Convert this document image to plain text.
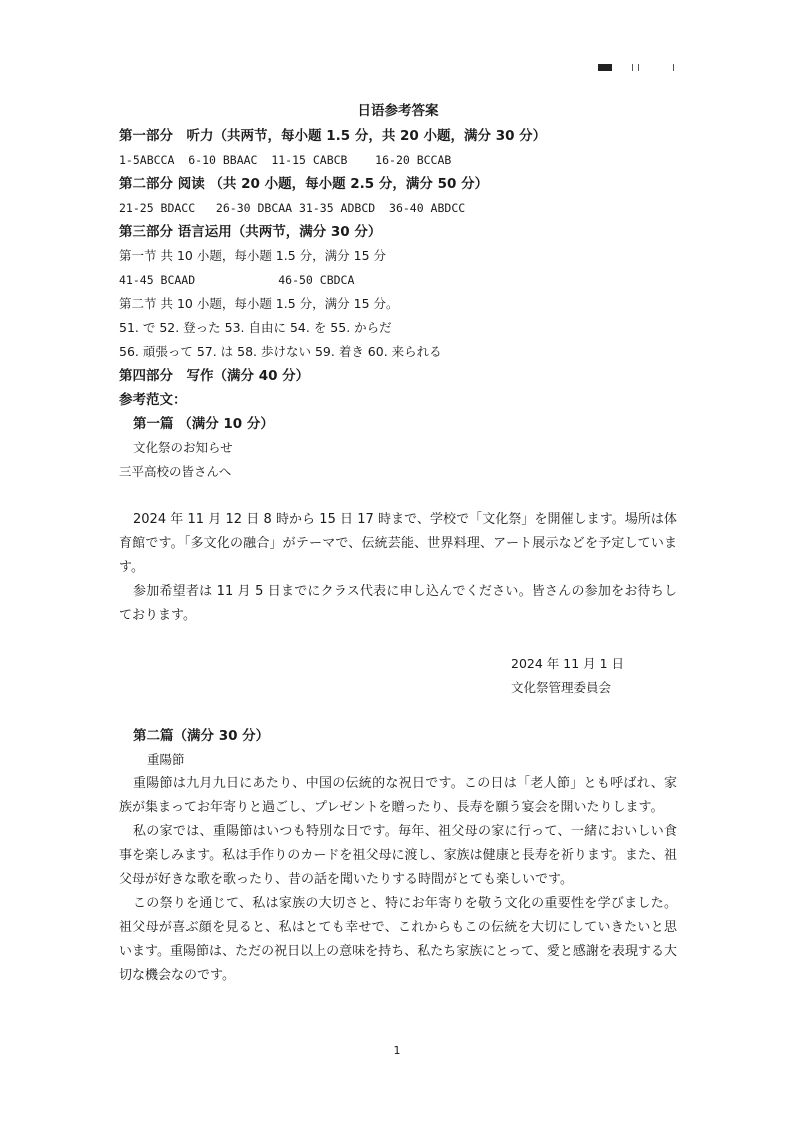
日语参考答案
第一部分　听力（共两节，每小题 1.5 分，共 20 小题，满分 30 分）
1-5ABCCA  6-10 BBAAC  11-15 CABCB    16-20 BCCAB
第二部分 阅读 （共 20 小题，每小题 2.5 分，满分 50 分）
21-25 BDACC   26-30 DBCAA 31-35 ADBCD  36-40 ABDCC
第三部分 语言运用（共两节，满分 30 分）
第一节 共 10 小题，每小题 1.5 分，满分 15 分
41-45 BCAAD            46-50 CBDCA
第二节 共 10 小题，每小题 1.5 分，满分 15 分。
51. で 52. 登った 53. 自由に 54. を 55. からだ
56. 頑張って 57. は 58. 歩けない 59. 着き 60. 来られる
第四部分　写作（满分 40 分）
参考范文：
第一篇 （满分 10 分）
文化祭のお知らせ
三平高校の皆さんへ

2024 年 11 月 12 日 8 時から 15 日 17 時まで、学校で「文化祭」を開催します。場所は体育館です。「多文化の融合」がテーマで、伝統芸能、世界料理、アート展示などを予定しています。

参加希望者は 11 月 5 日までにクラス代表に申し込んでください。皆さんの参加をお待ちしております。

2024 年 11 月 1 日
文化祭管理委員会
第二篇（满分 30 分）
重陽節

重陽節は九月九日にあたり、中国の伝統的な祝日です。この日は「老人節」とも呼ばれ、家族が集まってお年寄りと過ごし、プレゼントを贈ったり、長寿を願う宴会を開いたりします。

私の家では、重陽節はいつも特別な日です。毎年、祖父母の家に行って、一緒においしい食事を楽しみます。私は手作りのカードを祖父母に渡し、家族は健康と長寿を祈ります。また、祖父母が好きな歌を歌ったり、昔の話を聞いたりする時間がとても楽しいです。

この祭りを通じて、私は家族の大切さと、特にお年寄りを敬う文化の重要性を学びました。祖父母が喜ぶ顔を見ると、私はとても幸せで、これからもこの伝統を大切にしていきたいと思います。重陽節は、ただの祝日以上の意味を持ち、私たち家族にとって、愛と感謝を表現する大切な機会なのです。

1
